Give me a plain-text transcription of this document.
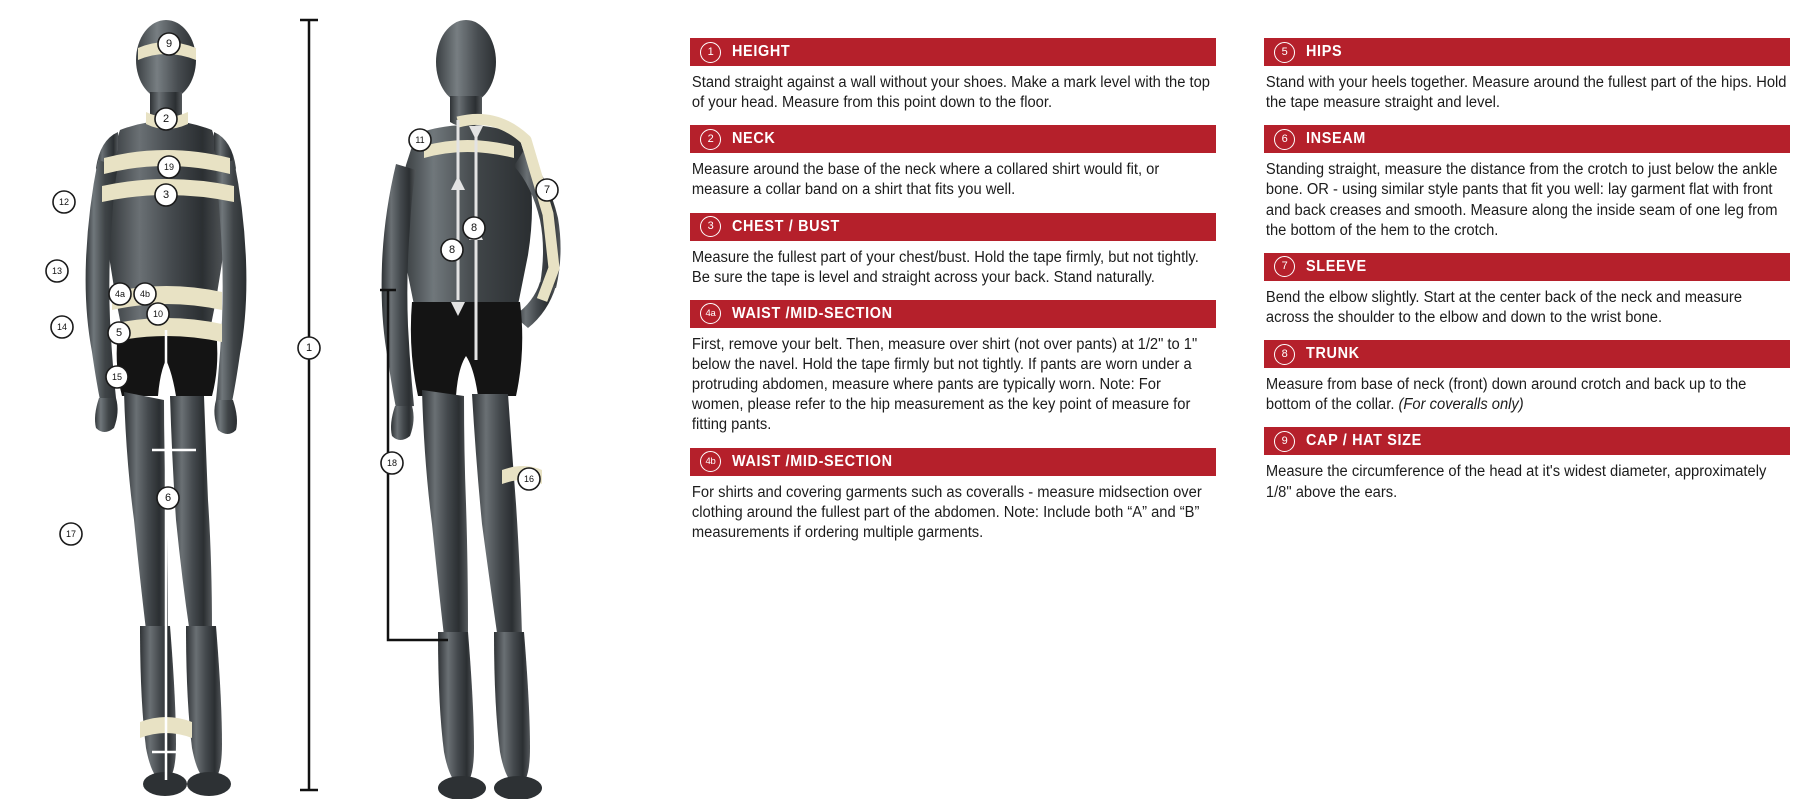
9
2
19
3
12
13
4a 4b
10
14	5
15
6
17
1
11
7
8
8
18
16
1	HEIGHT
Stand straight against a wall without your shoes. Make a mark level with the top of your head. Measure from this point down to the floor.
2	NECK
Measure around the base of the neck where a collared shirt would fit, or measure a collar band on a shirt that fits you well.
3	CHEST / BUST
Measure the fullest part of your chest/bust. Hold the tape firmly, but not tightly. Be sure the tape is level and straight across your back. Stand naturally.
4a	WAIST /MID-SECTION
First, remove your belt. Then, measure over shirt (not over pants) at 1/2" to 1" below the navel. Hold the tape firmly but not tightly. If pants are worn under a protruding abdomen, measure where pants are typically worn. Note: For women, please refer to the hip measurement as the key point of measure for fitting pants.
4b	WAIST /MID-SECTION
For shirts and covering garments such as coveralls - measure midsection over clothing around the fullest part of the abdomen. Note: Include both “A” and “B” measurements if ordering multiple garments.
5	HIPS
Stand with your heels together. Measure around the fullest part of the hips. Hold the tape measure straight and level.
6	INSEAM
Standing straight, measure the distance from the crotch to just below the ankle bone. OR - using similar style pants that fit you well: lay garment flat with front and back creases and smooth. Measure along the inside seam of one leg from the bottom of the hem to the crotch.
7	SLEEVE
Bend the elbow slightly. Start at the center back of the neck and measure across the shoulder to the elbow and down to the wrist bone.
8	TRUNK
Measure from base of neck (front) down around crotch and back up to the bottom of the collar. (For coveralls only)
9	CAP / HAT SIZE
Measure the circumference of the head at it's widest diameter, approximately 1/8" above the ears.
